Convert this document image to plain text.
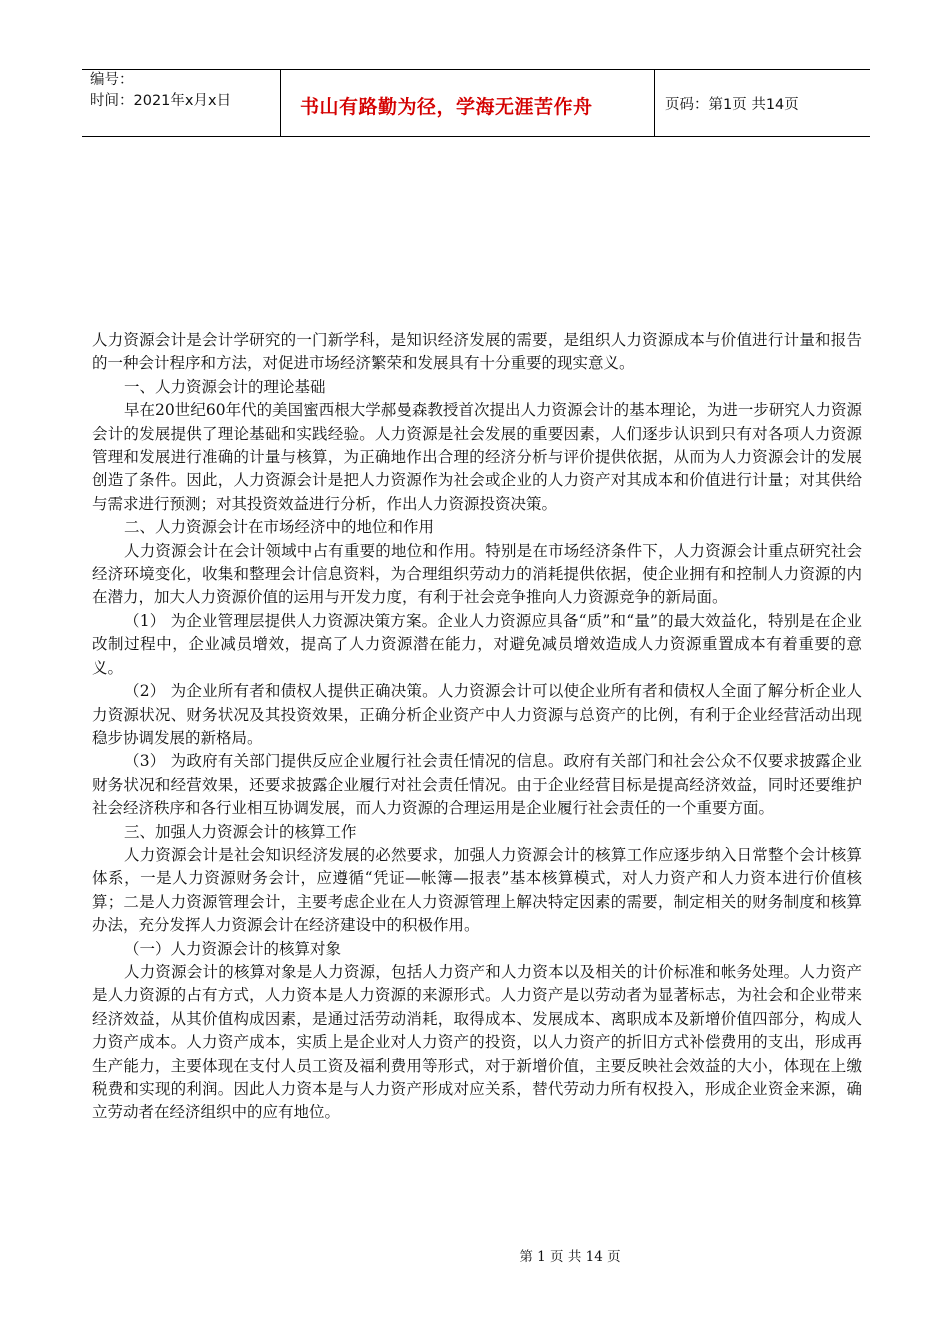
编号：
时间：2021年x月x日	书山有路勤为径，学海无涯苦作舟	页码：第1页 共14页

人力资源会计是会计学研究的一门新学科，是知识经济发展的需要，是组织人力资源成本与价值进行计量和报告的一种会计程序和方法，对促进市场经济繁荣和发展具有十分重要的现实意义。

一、人力资源会计的理论基础

早在20世纪60年代的美国蜜西根大学郝曼森教授首次提出人力资源会计的基本理论，为进一步研究人力资源会计的发展提供了理论基础和实践经验。人力资源是社会发展的重要因素，人们逐步认识到只有对各项人力资源管理和发展进行准确的计量与核算，为正确地作出合理的经济分析与评价提供依据，从而为人力资源会计的发展创造了条件。因此，人力资源会计是把人力资源作为社会或企业的人力资产对其成本和价值进行计量；对其供给与需求进行预测；对其投资效益进行分析，作出人力资源投资决策。

二、人力资源会计在市场经济中的地位和作用

人力资源会计在会计领域中占有重要的地位和作用。特别是在市场经济条件下，人力资源会计重点研究社会经济环境变化，收集和整理会计信息资料，为合理组织劳动力的消耗提供依据，使企业拥有和控制人力资源的内在潜力，加大人力资源价值的运用与开发力度，有利于社会竞争推向人力资源竞争的新局面。

（1） 为企业管理层提供人力资源决策方案。企业人力资源应具备“质”和“量”的最大效益化，特别是在企业改制过程中，企业减员增效，提高了人力资源潜在能力，对避免减员增效造成人力资源重置成本有着重要的意义。

（2） 为企业所有者和债权人提供正确决策。人力资源会计可以使企业所有者和债权人全面了解分析企业人力资源状况、财务状况及其投资效果，正确分析企业资产中人力资源与总资产的比例，有利于企业经营活动出现稳步协调发展的新格局。

（3） 为政府有关部门提供反应企业履行社会责任情况的信息。政府有关部门和社会公众不仅要求披露企业财务状况和经营效果，还要求披露企业履行对社会责任情况。由于企业经营目标是提高经济效益，同时还要维护社会经济秩序和各行业相互协调发展，而人力资源的合理运用是企业履行社会责任的一个重要方面。

三、加强人力资源会计的核算工作

人力资源会计是社会知识经济发展的必然要求，加强人力资源会计的核算工作应逐步纳入日常整个会计核算体系，一是人力资源财务会计，应遵循“凭证—帐簿—报表”基本核算模式，对人力资产和人力资本进行价值核算；二是人力资源管理会计，主要考虑企业在人力资源管理上解决特定因素的需要，制定相关的财务制度和核算办法，充分发挥人力资源会计在经济建设中的积极作用。

（一）人力资源会计的核算对象

人力资源会计的核算对象是人力资源，包括人力资产和人力资本以及相关的计价标准和帐务处理。人力资产是人力资源的占有方式，人力资本是人力资源的来源形式。人力资产是以劳动者为显著标志，为社会和企业带来经济效益，从其价值构成因素，是通过活劳动消耗，取得成本、发展成本、离职成本及新增价值四部分，构成人力资产成本。人力资产成本，实质上是企业对人力资产的投资，以人力资产的折旧方式补偿费用的支出，形成再生产能力，主要体现在支付人员工资及福利费用等形式，对于新增价值，主要反映社会效益的大小，体现在上缴税费和实现的利润。因此人力资本是与人力资产形成对应关系，替代劳动力所有权投入，形成企业资金来源，确立劳动者在经济组织中的应有地位。

第 1 页 共 14 页
